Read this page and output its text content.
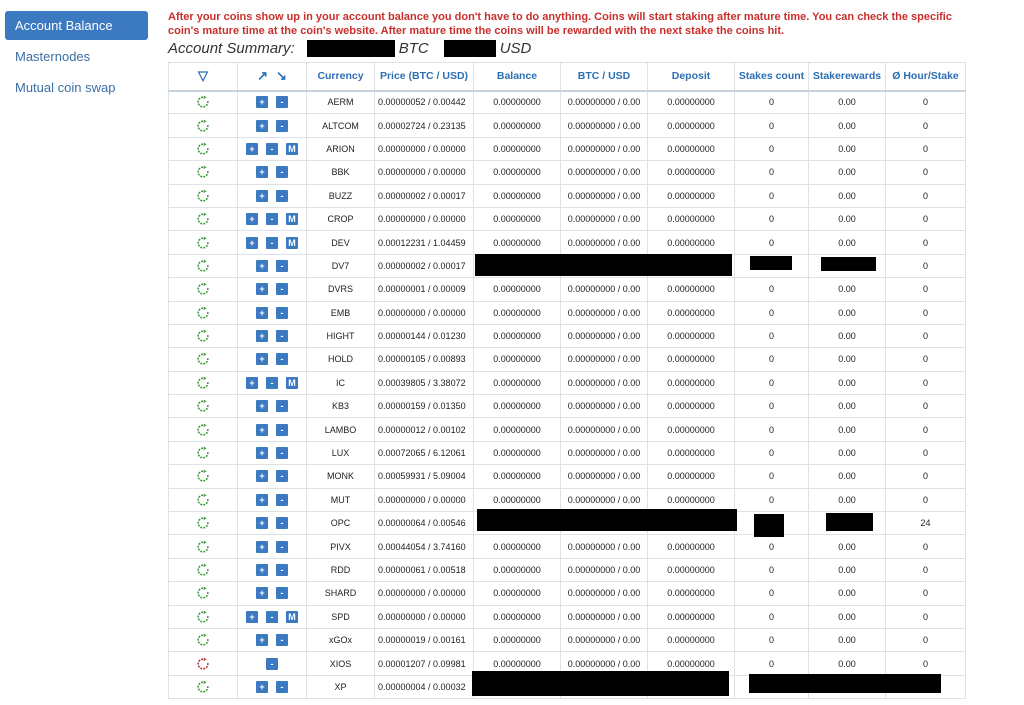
Account Balance
Masternodes
Mutual coin swap
After your coins show up in your account balance you don't have to do anything. Coins will start staking after mature time. You can check the specific coin's mature time at the coin's website. After mature time the coins will be rewarded with the next stake the coins hit.
Account Summary:	BTC	USD
▽	↗ ↘	Currency	Price (BTC / USD)	Balance	BTC / USD	Deposit	Stakes count	Stakerewards	Ø Hour/Stake
	+ -	AERM	0.00000052 / 0.00442	0.00000000	0.00000000 / 0.00	0.00000000	0	0.00	0
	+ -	ALTCOM	0.00002724 / 0.23135	0.00000000	0.00000000 / 0.00	0.00000000	0	0.00	0
	+ - M	ARION	0.00000000 / 0.00000	0.00000000	0.00000000 / 0.00	0.00000000	0	0.00	0
	+ -	BBK	0.00000000 / 0.00000	0.00000000	0.00000000 / 0.00	0.00000000	0	0.00	0
	+ -	BUZZ	0.00000002 / 0.00017	0.00000000	0.00000000 / 0.00	0.00000000	0	0.00	0
	+ - M	CROP	0.00000000 / 0.00000	0.00000000	0.00000000 / 0.00	0.00000000	0	0.00	0
	+ - M	DEV	0.00012231 / 1.04459	0.00000000	0.00000000 / 0.00	0.00000000	0	0.00	0
	+ -	DV7	0.00000002 / 0.00017						0
	+ -	DVRS	0.00000001 / 0.00009	0.00000000	0.00000000 / 0.00	0.00000000	0	0.00	0
	+ -	EMB	0.00000000 / 0.00000	0.00000000	0.00000000 / 0.00	0.00000000	0	0.00	0
	+ -	HIGHT	0.00000144 / 0.01230	0.00000000	0.00000000 / 0.00	0.00000000	0	0.00	0
	+ -	HOLD	0.00000105 / 0.00893	0.00000000	0.00000000 / 0.00	0.00000000	0	0.00	0
	+ - M	IC	0.00039805 / 3.38072	0.00000000	0.00000000 / 0.00	0.00000000	0	0.00	0
	+ -	KB3	0.00000159 / 0.01350	0.00000000	0.00000000 / 0.00	0.00000000	0	0.00	0
	+ -	LAMBO	0.00000012 / 0.00102	0.00000000	0.00000000 / 0.00	0.00000000	0	0.00	0
	+ -	LUX	0.00072065 / 6.12061	0.00000000	0.00000000 / 0.00	0.00000000	0	0.00	0
	+ -	MONK	0.00059931 / 5.09004	0.00000000	0.00000000 / 0.00	0.00000000	0	0.00	0
	+ -	MUT	0.00000000 / 0.00000	0.00000000	0.00000000 / 0.00	0.00000000	0	0.00	0
	+ -	OPC	0.00000064 / 0.00546						24
	+ -	PIVX	0.00044054 / 3.74160	0.00000000	0.00000000 / 0.00	0.00000000	0	0.00	0
	+ -	RDD	0.00000061 / 0.00518	0.00000000	0.00000000 / 0.00	0.00000000	0	0.00	0
	+ -	SHARD	0.00000000 / 0.00000	0.00000000	0.00000000 / 0.00	0.00000000	0	0.00	0
	+ - M	SPD	0.00000000 / 0.00000	0.00000000	0.00000000 / 0.00	0.00000000	0	0.00	0
	+ -	xGOx	0.00000019 / 0.00161	0.00000000	0.00000000 / 0.00	0.00000000	0	0.00	0
	-	XIOS	0.00001207 / 0.09981	0.00000000	0.00000000 / 0.00	0.00000000	0	0.00	0
	+ -	XP	0.00000004 / 0.00032						
